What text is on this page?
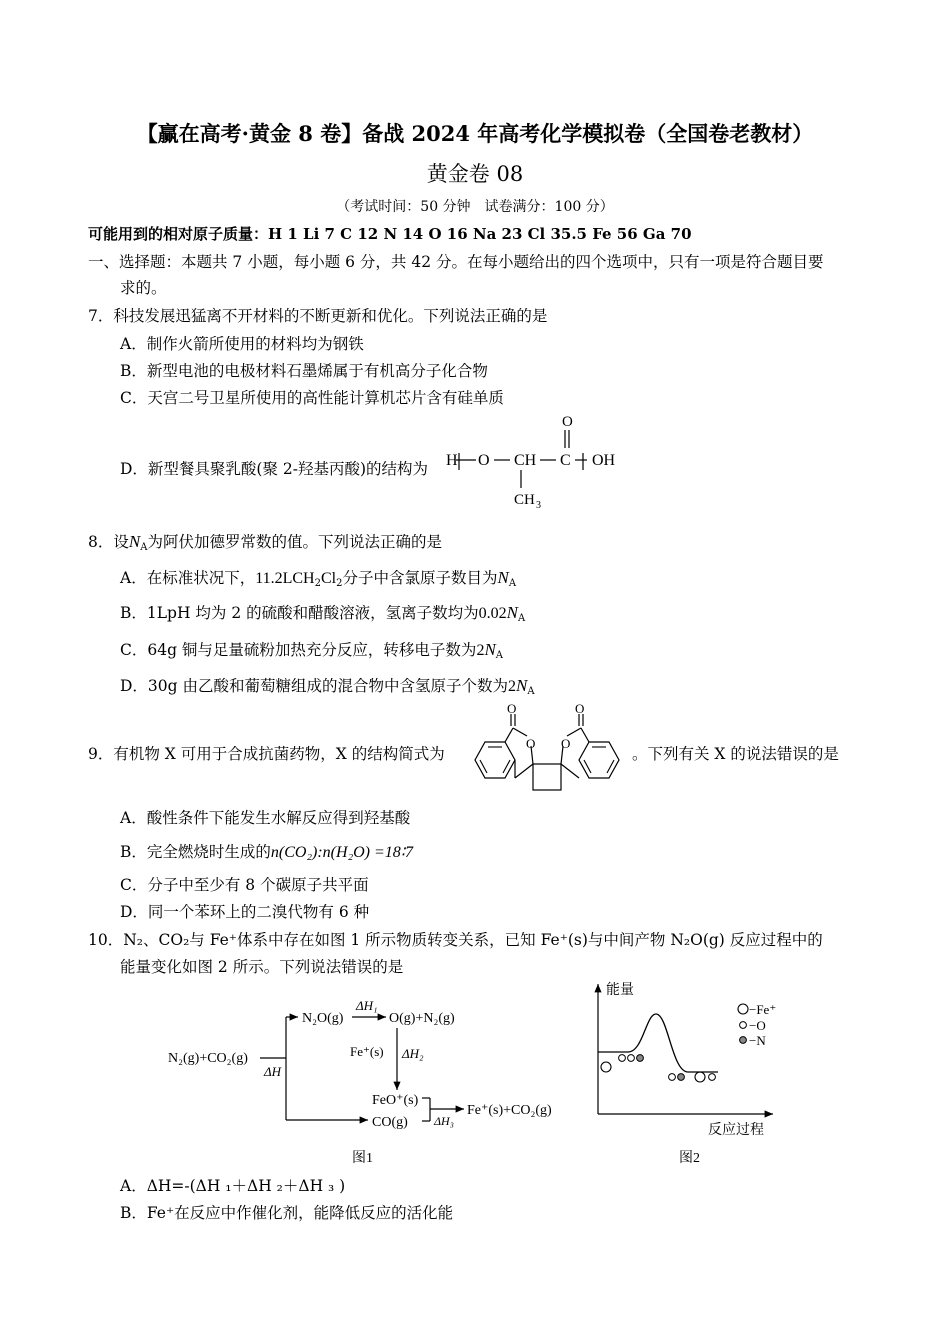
【赢在高考·黄金 8 卷】备战 2024 年高考化学模拟卷（全国卷老教材）
黄金卷 08
（考试时间：50 分钟　试卷满分：100 分）
可能用到的相对原子质量：H 1 Li 7 C 12 N 14 O 16 Na 23 Cl 35.5 Fe 56 Ga 70
一、选择题：本题共 7 小题，每小题 6 分，共 42 分。在每小题给出的四个选项中，只有一项是符合题目要
求的。
7．科技发展迅猛离不开材料的不断更新和优化。下列说法正确的是
A．制作火箭所使用的材料均为钢铁
B．新型电池的电极材料石墨烯属于有机高分子化合物
C．天宫二号卫星所使用的高性能计算机芯片含有硅单质
D．新型餐具聚乳酸(聚 2-羟基丙酸)的结构为 H O CH C OH
O
CH 3
8．设$N_A$为阿伏加德罗常数的值。下列说法正确的是
A．在标准状况下，$11.2LCH_2Cl_2$分子中含氯原子数目为$N_A$
B．1LpH 均为 2 的硫酸和醋酸溶液，氢离子数均为$0.02N_A$
C．64g 铜与足量硫粉加热充分反应，转移电子数为$2N_A$
D．30g 由乙酸和葡萄糖组成的混合物中含氢原子个数为$2N_A$
9．有机物 X 可用于合成抗菌药物，X 的结构简式为
O
O
O
O
。下列有关 X 的说法错误的是
A．酸性条件下能发生水解反应得到羟基酸
B．完全燃烧时生成的n(CO₂):n(H₂O) =18∶7
C．分子中至少有 8 个碳原子共平面
D．同一个苯环上的二溴代物有 6 种
10．N₂、CO₂与 Fe⁺体系中存在如图 1 所示物质转变关系，已知 Fe⁺(s)与中间产物 N₂O(g) 反应过程中的
能量变化如图 2 所示。下列说法错误的是
N₂(g)+CO₂(g)
ΔH
N₂O(g)
ΔH₁
O(g)+N₂(g)
Fe⁺(s) ΔH₂
FeO⁺(s)
CO(g) ΔH₃
Fe⁺(s)+CO₂(g)
图1
能量
反应过程
−Fe⁺
−O
−N
图2
A．ΔH=-(ΔH ₁＋ΔH ₂＋ΔH ₃ )
B．Fe⁺在反应中作催化剂，能降低反应的活化能
